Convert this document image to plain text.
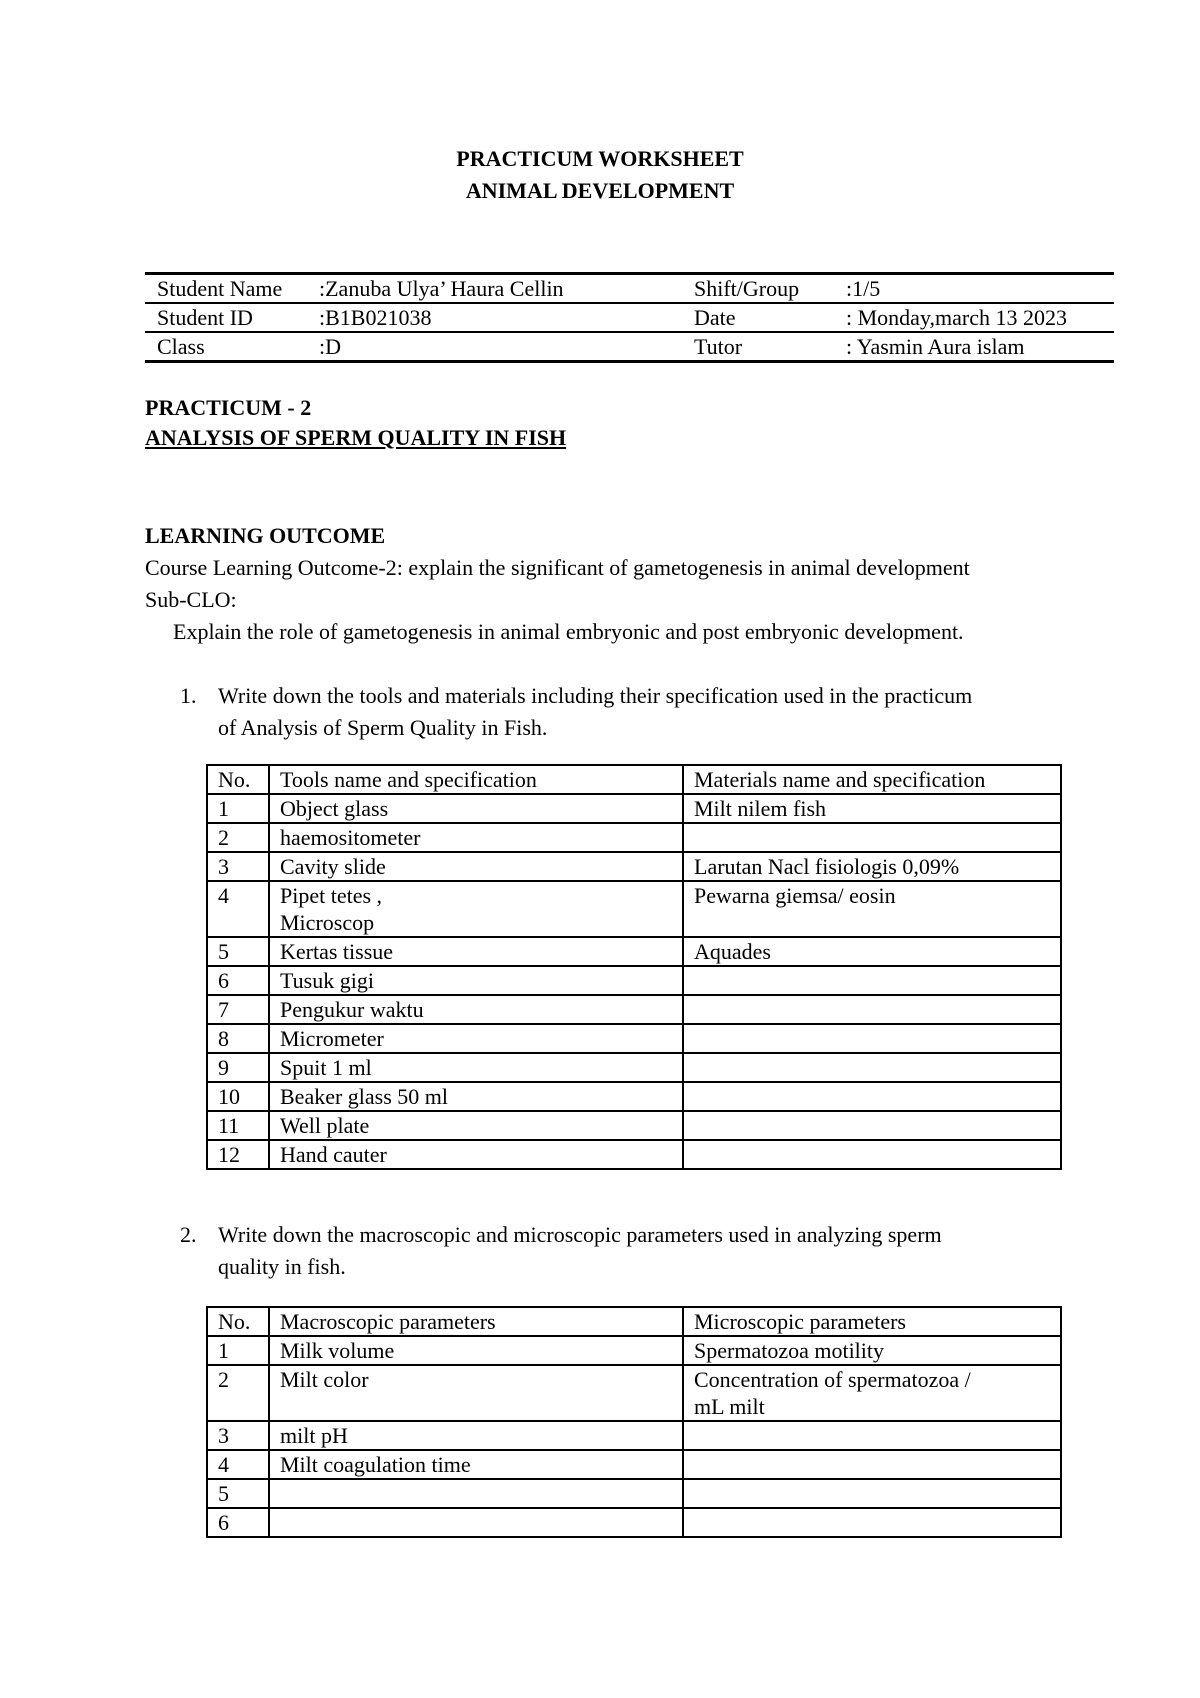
PRACTICUM WORKSHEET
ANIMAL DEVELOPMENT
Student Name	:Zanuba Ulya’ Haura Cellin	Shift/Group	:1/5
Student ID	:B1B021038	Date	: Monday,march 13 2023
Class	:D	Tutor	: Yasmin Aura islam
PRACTICUM - 2
ANALYSIS OF SPERM QUALITY IN FISH
LEARNING OUTCOME
Course Learning Outcome-2: explain the significant of gametogenesis in animal development
Sub-CLO:
Explain the role of gametogenesis in animal embryonic and post embryonic development.
1. Write down the tools and materials including their specification used in the practicum
of Analysis of Sperm Quality in Fish.
No.	Tools name and specification	Materials name and specification
1	Object glass	Milt nilem fish
2	haemositometer	
3	Cavity slide	Larutan Nacl fisiologis 0,09%
4	Pipet tetes ,
Microscop	Pewarna giemsa/ eosin
5	Kertas tissue	Aquades
6	Tusuk gigi	
7	Pengukur waktu	
8	Micrometer	
9	Spuit 1 ml	
10	Beaker glass 50 ml	
11	Well plate	
12	Hand cauter	
2. Write down the macroscopic and microscopic parameters used in analyzing sperm
quality in fish.
No.	Macroscopic parameters	Microscopic parameters
1	Milk volume	Spermatozoa motility
2	Milt color	Concentration of spermatozoa /
mL milt
3	milt pH	
4	Milt coagulation time	
5		
6		
